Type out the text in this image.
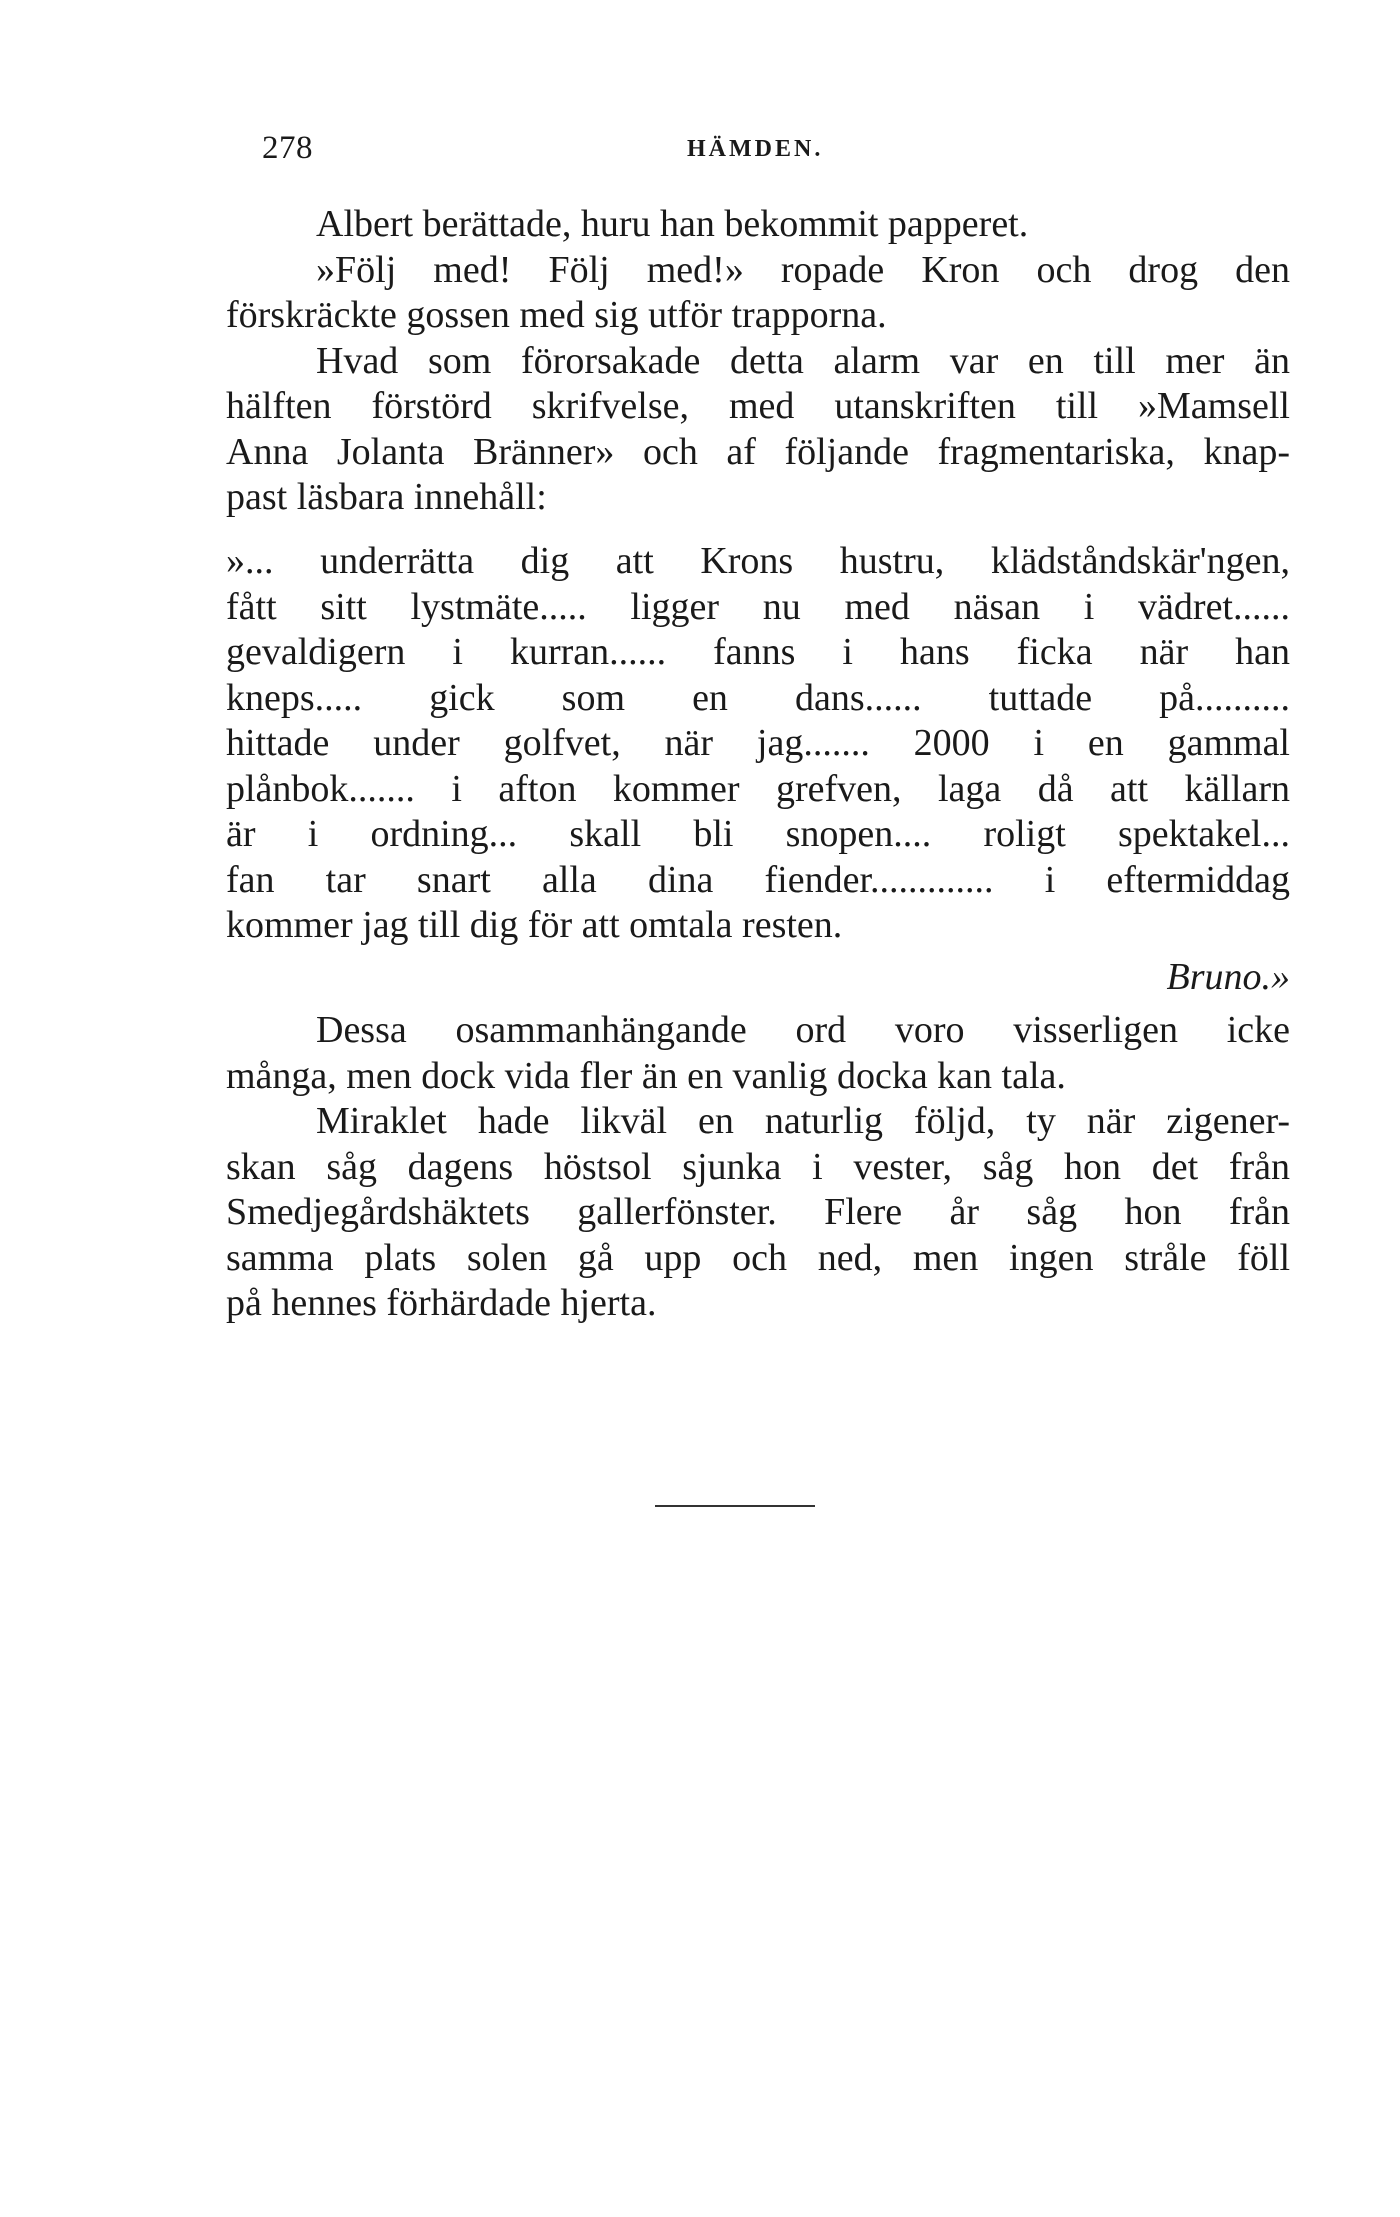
278	HÄMDEN.
Albert berättade, huru han bekommit papperet.
»Följ med! Följ med!» ropade Kron och drog den
förskräckte gossen med sig utför trapporna.
Hvad som förorsakade detta alarm var en till mer än
hälften förstörd skrifvelse, med utanskriften till »Mamsell
Anna Jolanta Bränner» och af följande fragmentariska, knap-
past läsbara innehåll:
»... underrätta dig att Krons hustru, klädståndskär'ngen,
fått sitt lystmäte..... ligger nu med näsan i vädret......
gevaldigern i kurran...... fanns i hans ficka när han
kneps..... gick som en dans...... tuttade på..........
hittade under golfvet, när jag....... 2000 i en gammal
plånbok....... i afton kommer grefven, laga då att källarn
är i ordning... skall bli snopen.... roligt spektakel...
fan tar snart alla dina fiender............. i eftermiddag
kommer jag till dig för att omtala resten.
Bruno.»
Dessa osammanhängande ord voro visserligen icke
många, men dock vida fler än en vanlig docka kan tala.
Miraklet hade likväl en naturlig följd, ty när zigener-
skan såg dagens höstsol sjunka i vester, såg hon det från
Smedjegårdshäktets gallerfönster. Flere år såg hon från
samma plats solen gå upp och ned, men ingen stråle föll
på hennes förhärdade hjerta.
